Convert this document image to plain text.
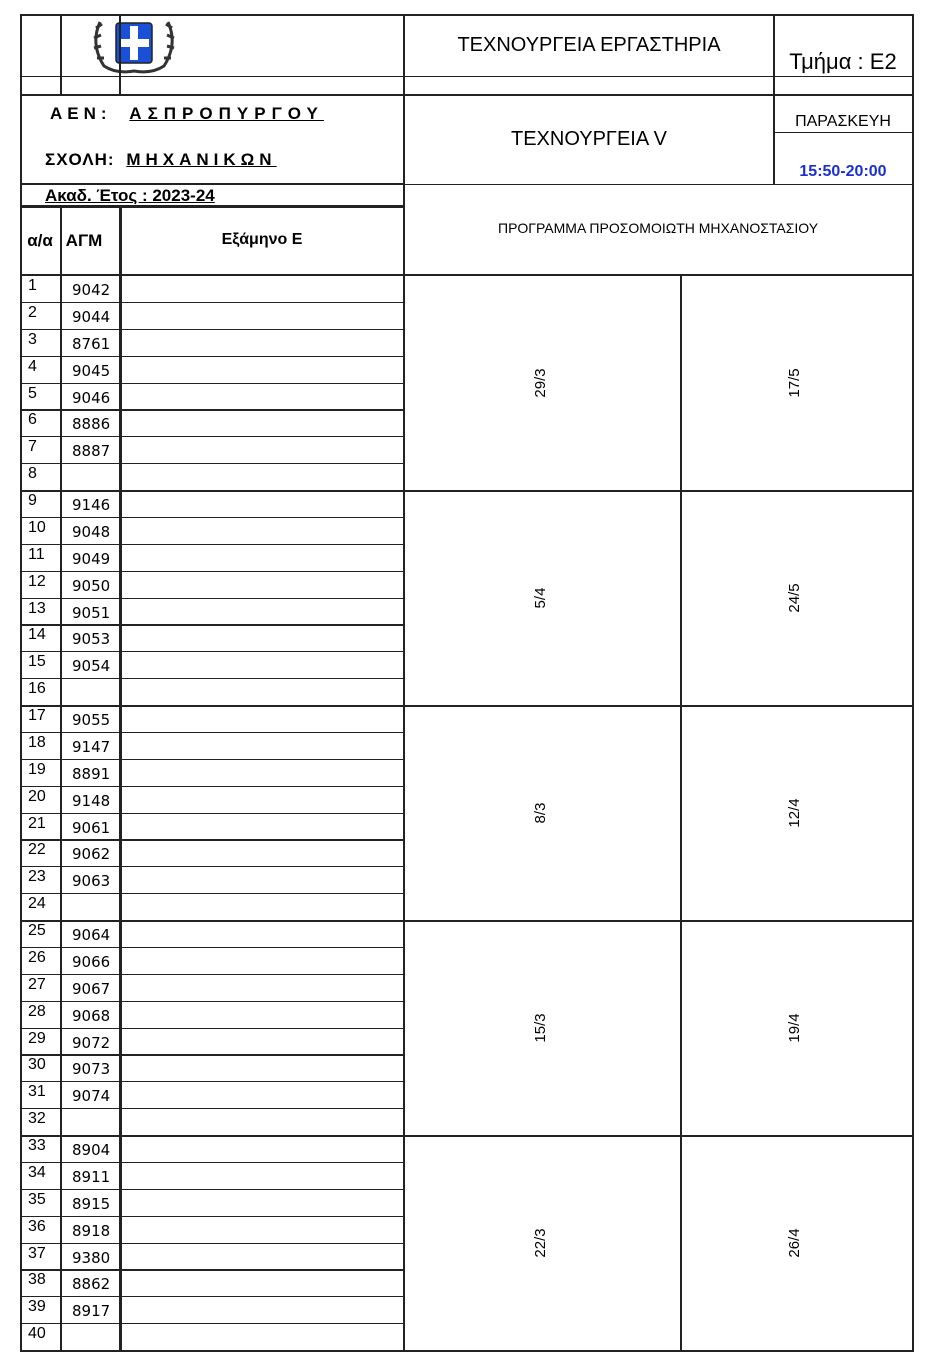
ΤΕΧΝΟΥΡΓΕΙΑ ΕΡΓΑΣΤΗΡΙΑ
Τμήμα : Ε2
ΑΕΝ: ΑΣΠΡΟΠΥΡΓΟΥ
ΣΧΟΛΗ: ΜΗΧΑΝΙΚΩΝ
ΤΕΧΝΟΥΡΓΕΙΑ V
ΠΑΡΑΣΚΕΥΗ
15:50-20:00
Ακαδ. Έτος : 2023-24
ΠΡΟΓΡΑΜΜΑ ΠΡΟΣΟΜΟΙΩΤΗ ΜΗΧΑΝΟΣΤΑΣΙΟΥ
α/α ΑΓΜ	Εξάμηνο Ε
1 9042
2 9044
3 8761
4 9045
5 9046
6 8886
7 8887
8
9 9146
10 9048
11 9049
12 9050
13 9051
14 9053
15 9054
16
17 9055
18 9147
19 8891
20 9148
21 9061
22 9062
23 9063
24
25 9064
26 9066
27 9067
28 9068
29 9072
30 9073
31 9074
32
33 8904
34 8911
35 8915
36 8918
37 9380
38 8862
39 8917
40
29/3	17/5
5/4	24/5
8/3	12/4
15/3	19/4
22/3	26/4
